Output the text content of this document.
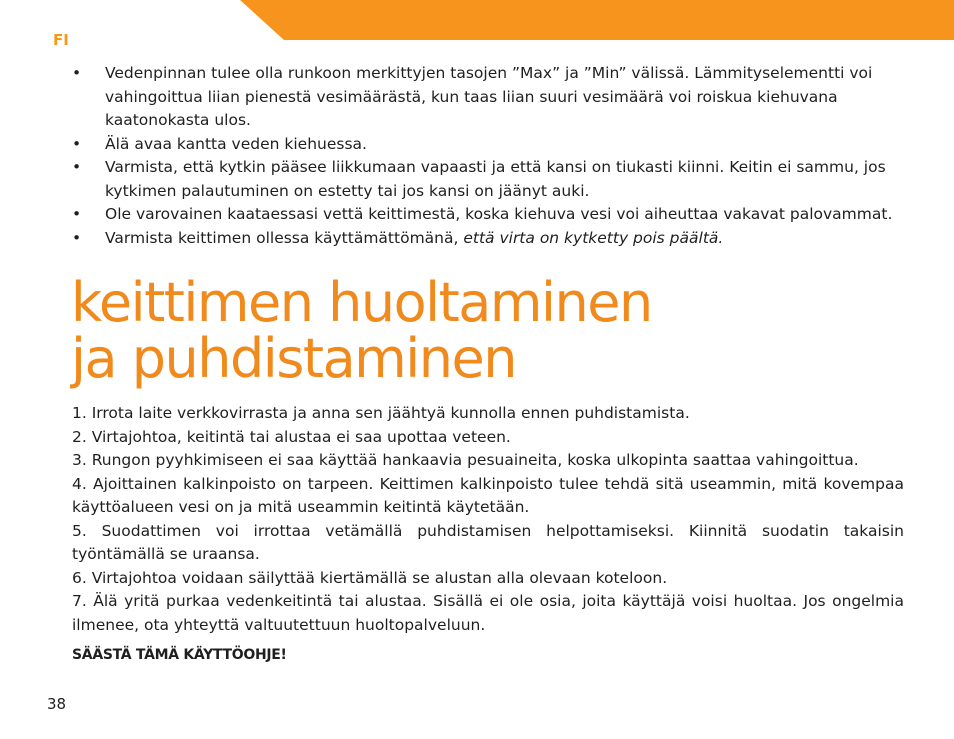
FI
• Vedenpinnan tulee olla runkoon merkittyjen tasojen ”Max” ja ”Min” välissä. Lämmityselementti voi vahingoittua liian pienestä vesimäärästä, kun taas liian suuri vesimäärä voi roiskua kiehuvana kaatonokasta ulos.
• Älä avaa kantta veden kiehuessa.
• Varmista, että kytkin pääsee liikkumaan vapaasti ja että kansi on tiukasti kiinni. Keitin ei sammu, jos kytkimen palautuminen on estetty tai jos kansi on jäänyt auki.
• Ole varovainen kaataessasi vettä keittimestä, koska kiehuva vesi voi aiheuttaa vakavat palovammat.
• Varmista keittimen ollessa käyttämättömänä, että virta on kytketty pois päältä.
keittimen huoltaminen
ja puhdistaminen
1. Irrota laite verkkovirrasta ja anna sen jäähtyä kunnolla ennen puhdistamista.
2. Virtajohtoa, keitintä tai alustaa ei saa upottaa veteen.
3. Rungon pyyhkimiseen ei saa käyttää hankaavia pesuaineita, koska ulkopinta saattaa vahingoittua.
4. Ajoittainen kalkinpoisto on tarpeen. Keittimen kalkinpoisto tulee tehdä sitä useammin, mitä kovempaa käyttöalueen vesi on ja mitä useammin keitintä käytetään.
5. Suodattimen voi irrottaa vetämällä puhdistamisen helpottamiseksi. Kiinnitä suodatin takaisin työntämällä se uraansa.
6. Virtajohtoa voidaan säilyttää kiertämällä se alustan alla olevaan koteloon.
7. Älä yritä purkaa vedenkeitintä tai alustaa. Sisällä ei ole osia, joita käyttäjä voisi huoltaa. Jos ongelmia ilmenee, ota yhteyttä valtuutettuun huoltopalveluun.
SÄÄSTÄ TÄMÄ KÄYTTÖOHJE!
38
